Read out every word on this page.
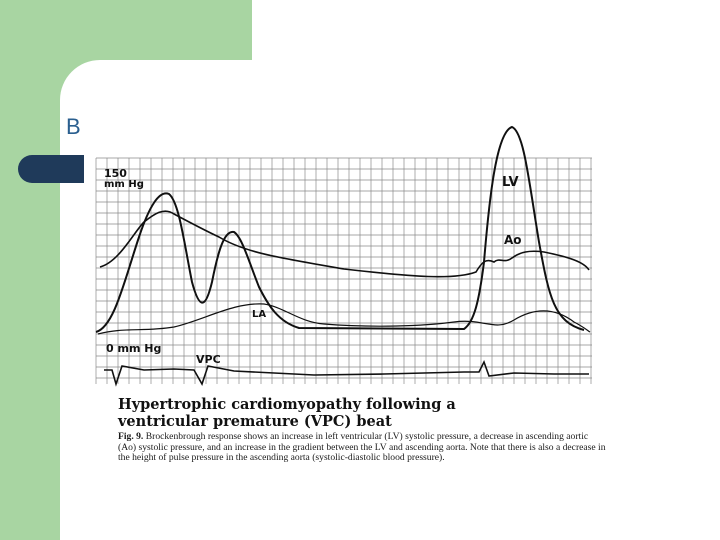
B
150
mm Hg
0 mm Hg
LV
Ao
LA
VPC
Hypertrophic cardiomyopathy following a
ventricular premature (VPC) beat
Fig. 9. Brockenbrough response shows an increase in left ventricular (LV) systolic pressure, a decrease in ascending aortic (Ao) systolic pressure, and an increase in the gradient between the LV and ascending aorta. Note that there is also a decrease in the height of pulse pressure in the ascending aorta (systolic-diastolic blood pressure).
